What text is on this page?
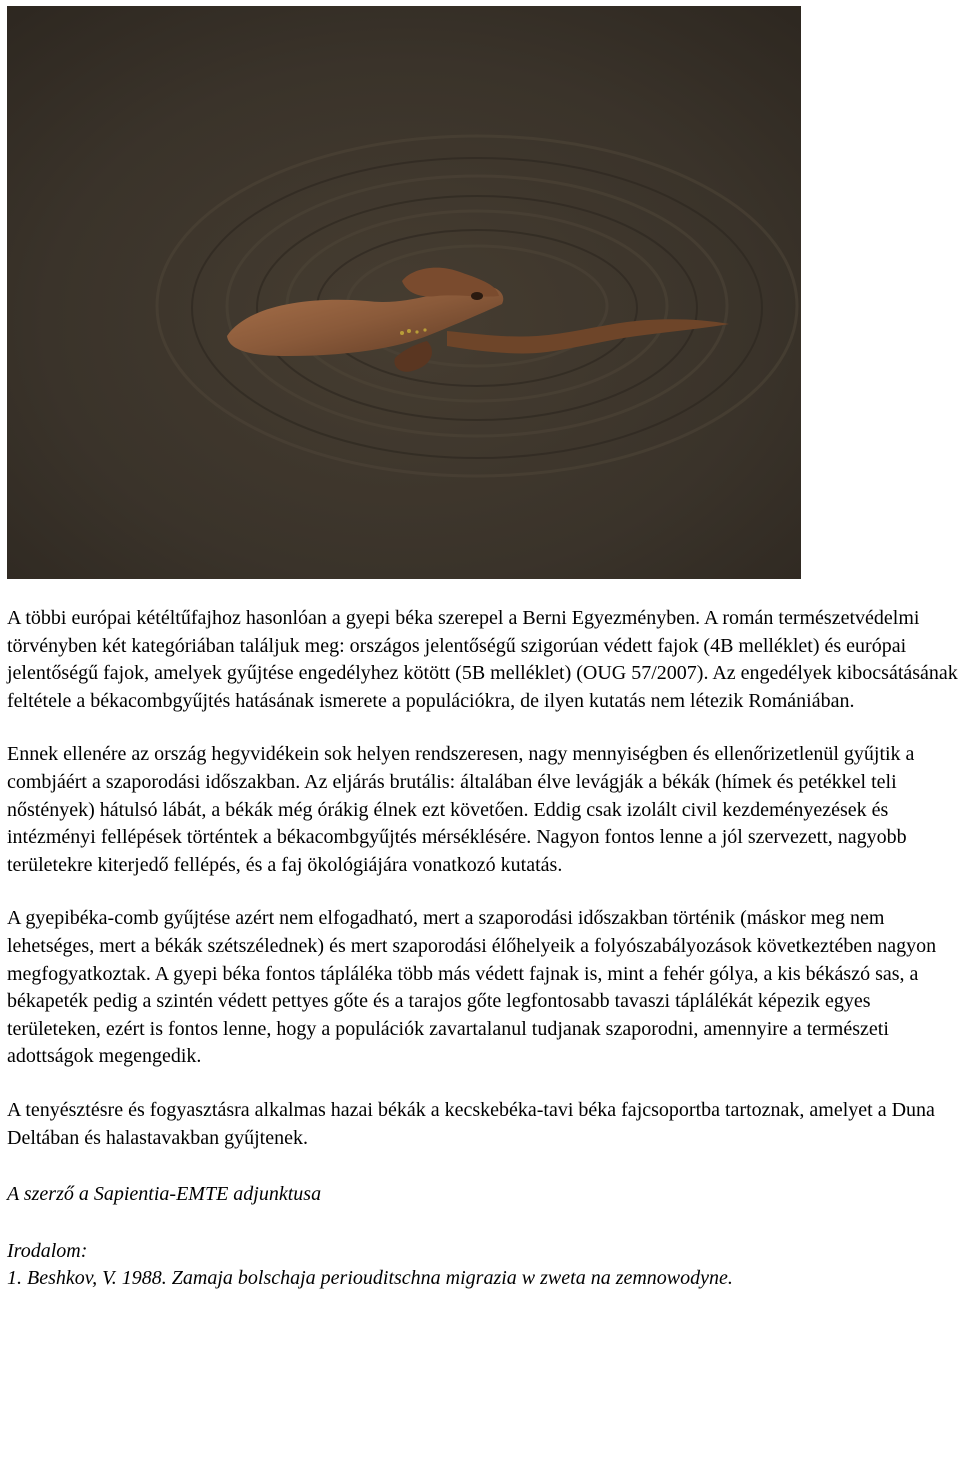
A többi európai kétéltűfajhoz hasonlóan a gyepi béka szerepel a Berni Egyezményben. A román természetvédelmi törvényben két kategóriában találjuk meg: országos jelentőségű szigorúan védett fajok (4B melléklet) és európai jelentőségű fajok, amelyek gyűjtése engedélyhez kötött (5B melléklet) (OUG 57/2007). Az engedélyek kibocsátásának feltétele a békacombgyűjtés hatásának ismerete a populációkra, de ilyen kutatás nem létezik Romániában.

Ennek ellenére az ország hegyvidékein sok helyen rendszeresen, nagy mennyiségben és ellenőrizetlenül gyűjtik a combjáért a szaporodási időszakban. Az eljárás brutális: általában élve levágják a békák (hímek és petékkel teli nőstények) hátulsó lábát, a békák még órákig élnek ezt követően. Eddig csak izolált civil kezdeményezések és intézményi fellépések történtek a békacombgyűjtés mérséklésére. Nagyon fontos lenne a jól szervezett, nagyobb területekre kiterjedő fellépés, és a faj ökológiájára vonatkozó kutatás.

A gyepibéka-comb gyűjtése azért nem elfogadható, mert a szaporodási időszakban történik (máskor meg nem lehetséges, mert a békák szétszélednek) és mert szaporodási élőhelyeik a folyószabályozások következtében nagyon megfogyatkoztak. A gyepi béka fontos tápláléka több más védett fajnak is, mint a fehér gólya, a kis békászó sas, a békapeték pedig a szintén védett pettyes gőte és a tarajos gőte legfontosabb tavaszi táplálékát képezik egyes területeken, ezért is fontos lenne, hogy a populációk zavartalanul tudjanak szaporodni, amennyire a természeti adottságok megengedik.

A tenyésztésre és fogyasztásra alkalmas hazai békák a kecskebéka-tavi béka fajcsoportba tartoznak, amelyet a Duna Deltában és halastavakban gyűjtenek.

A szerző a Sapientia-EMTE adjunktusa

Irodalom:

1. Beshkov, V. 1988. Zamaja bolschaja periouditschna migrazia w zweta na zemnowodyne.
